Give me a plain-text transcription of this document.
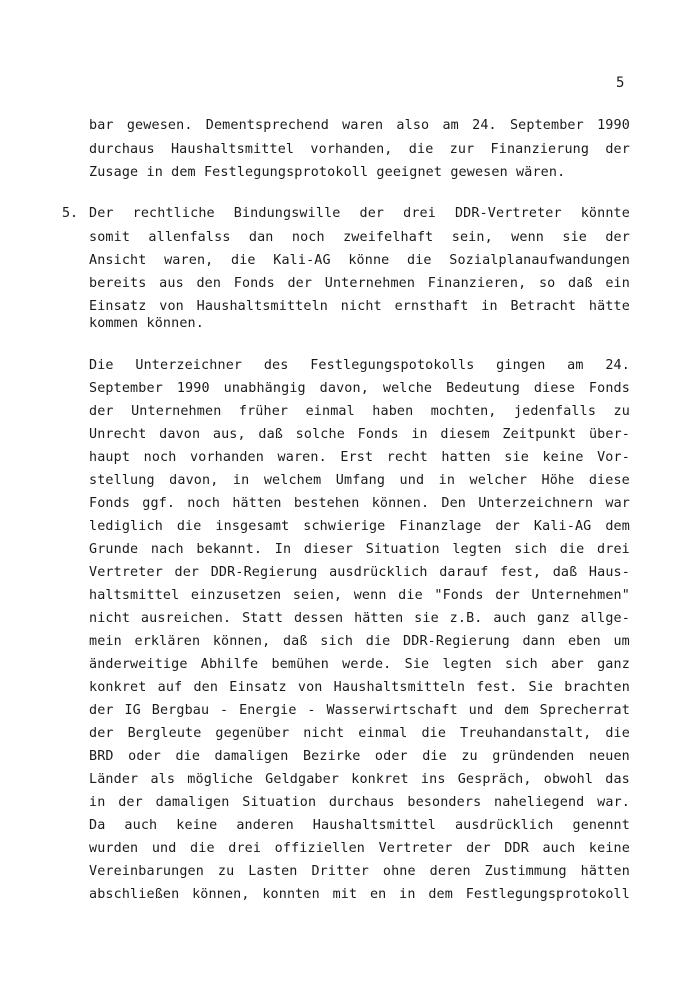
5
bar gewesen. Dementsprechend waren also am 24. September 1990
durchaus Haushaltsmittel vorhanden, die zur Finanzierung der
Zusage in dem Festlegungsprotokoll geeignet gewesen wären.
5. Der rechtliche Bindungswille der drei DDR-Vertreter könnte
somit allenfalss dan noch zweifelhaft sein, wenn sie der
Ansicht waren, die Kali-AG könne die Sozialplanaufwandungen
bereits aus den Fonds der Unternehmen Finanzieren, so daß ein
Einsatz von Haushaltsmitteln nicht ernsthaft in Betracht hätte
kommen können.
Die Unterzeichner des Festlegungspotokolls gingen am 24.
September 1990 unabhängig davon, welche Bedeutung diese Fonds
der Unternehmen früher einmal haben mochten, jedenfalls zu
Unrecht davon aus, daß solche Fonds in diesem Zeitpunkt über-
haupt noch vorhanden waren. Erst recht hatten sie keine Vor-
stellung davon, in welchem Umfang und in welcher Höhe diese
Fonds ggf. noch hätten bestehen können. Den Unterzeichnern war
lediglich die insgesamt schwierige Finanzlage der Kali-AG dem
Grunde nach bekannt. In dieser Situation legten sich die drei
Vertreter der DDR-Regierung ausdrücklich darauf fest, daß Haus-
haltsmittel einzusetzen seien, wenn die "Fonds der Unternehmen"
nicht ausreichen. Statt dessen hätten sie z.B. auch ganz allge-
mein erklären können, daß sich die DDR-Regierung dann eben um
änderweitige Abhilfe bemühen werde. Sie legten sich aber ganz
konkret auf den Einsatz von Haushaltsmitteln fest. Sie brachten
der IG Bergbau - Energie - Wasserwirtschaft und dem Sprecherrat
der Bergleute gegenüber nicht einmal die Treuhandanstalt, die
BRD oder die damaligen Bezirke oder die zu gründenden neuen
Länder als mögliche Geldgaber konkret ins Gespräch, obwohl das
in der damaligen Situation durchaus besonders naheliegend war.
Da auch keine anderen Haushaltsmittel ausdrücklich genennt
wurden und die drei offiziellen Vertreter der DDR auch keine
Vereinbarungen zu Lasten Dritter ohne deren Zustimmung hätten
abschließen können, konnten mit en in dem Festlegungsprotokoll
